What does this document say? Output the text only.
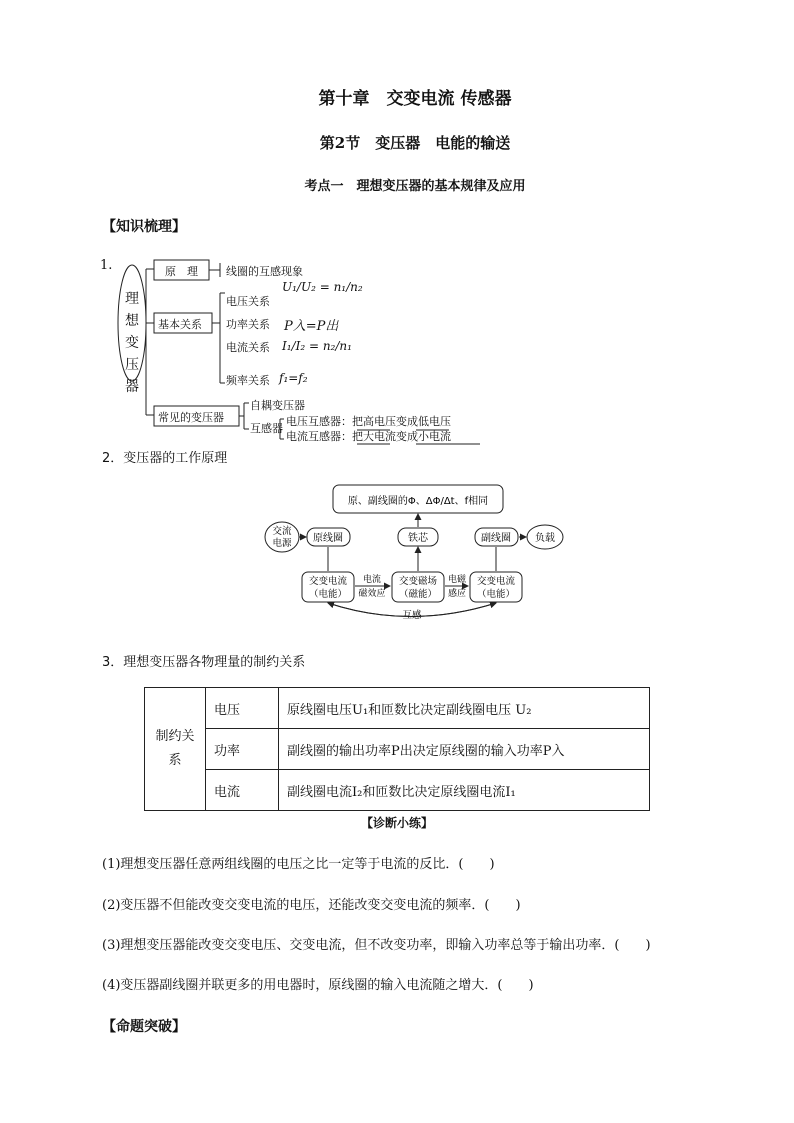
第十章　交变电流 传感器
第2节　变压器　电能的输送
考点一　理想变压器的基本规律及应用
【知识梳理】
1.
理想变压器
原　理	线圈的互感现象
基本关系
电压关系
U₁/U₂ = n₁/n₂
功率关系 P入=P出
电流关系 I₁/I₂ = n₂/n₁
频率关系 f₁=f₂
常见的变压器
自耦变压器
互感器
电压互感器：把高电压变成低电压
电流互感器：把大电流变成小电流
2．变压器的工作原理
原、副线圈的Φ、ΔΦ/Δt、f相同
交流
电源 原线圈	铁芯	副线圈 负载
交变电流
（电能）
交变磁场
（磁能）
交变电流
（电能）
电流
磁效应
电磁
感应
互感
3．理想变压器各物理量的制约关系
制约关
系	电压	原线圈电压U₁和匝数比决定副线圈电压 U₂
	功率	副线圈的输出功率P出决定原线圈的输入功率P入
	电流	副线圈电流I₂和匝数比决定原线圈电流I₁
【诊断小练】
(1)理想变压器任意两组线圈的电压之比一定等于电流的反比．(　　)
(2)变压器不但能改变交变电流的电压，还能改变交变电流的频率．(　　)
(3)理想变压器能改变交变电压、交变电流，但不改变功率，即输入功率总等于输出功率．(　　)
(4)变压器副线圈并联更多的用电器时，原线圈的输入电流随之增大．(　　)
【命题突破】
